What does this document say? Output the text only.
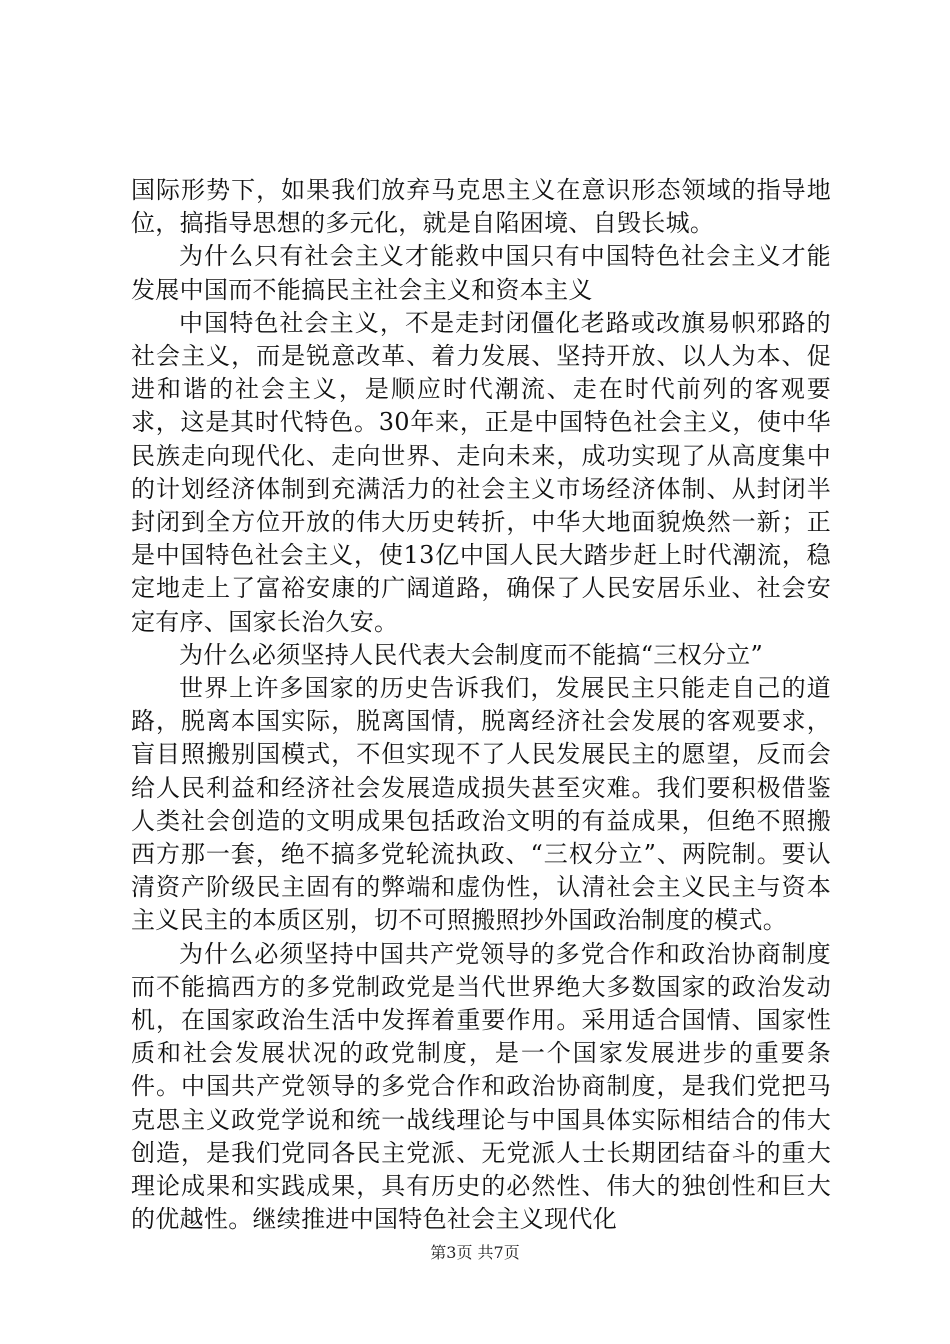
国际形势下，如果我们放弃马克思主义在意识形态领域的指导地位，搞指导思想的多元化，就是自陷困境、自毁长城。

为什么只有社会主义才能救中国只有中国特色社会主义才能发展中国而不能搞民主社会主义和资本主义

中国特色社会主义，不是走封闭僵化老路或改旗易帜邪路的社会主义，而是锐意改革、着力发展、坚持开放、以人为本、促进和谐的社会主义，是顺应时代潮流、走在时代前列的客观要求，这是其时代特色。30年来，正是中国特色社会主义，使中华民族走向现代化、走向世界、走向未来，成功实现了从高度集中的计划经济体制到充满活力的社会主义市场经济体制、从封闭半封闭到全方位开放的伟大历史转折，中华大地面貌焕然一新；正是中国特色社会主义，使13亿中国人民大踏步赶上时代潮流，稳定地走上了富裕安康的广阔道路，确保了人民安居乐业、社会安定有序、国家长治久安。

为什么必须坚持人民代表大会制度而不能搞“三权分立”

世界上许多国家的历史告诉我们，发展民主只能走自己的道路，脱离本国实际，脱离国情，脱离经济社会发展的客观要求，盲目照搬别国模式，不但实现不了人民发展民主的愿望，反而会给人民利益和经济社会发展造成损失甚至灾难。我们要积极借鉴人类社会创造的文明成果包括政治文明的有益成果，但绝不照搬西方那一套，绝不搞多党轮流执政、“三权分立”、两院制。要认清资产阶级民主固有的弊端和虚伪性，认清社会主义民主与资本主义民主的本质区别，切不可照搬照抄外国政治制度的模式。

为什么必须坚持中国共产党领导的多党合作和政治协商制度而不能搞西方的多党制政党是当代世界绝大多数国家的政治发动机，在国家政治生活中发挥着重要作用。采用适合国情、国家性质和社会发展状况的政党制度，是一个国家发展进步的重要条件。中国共产党领导的多党合作和政治协商制度，是我们党把马克思主义政党学说和统一战线理论与中国具体实际相结合的伟大创造，是我们党同各民主党派、无党派人士长期团结奋斗的重大理论成果和实践成果，具有历史的必然性、伟大的独创性和巨大的优越性。继续推进中国特色社会主义现代化

第3页 共7页
